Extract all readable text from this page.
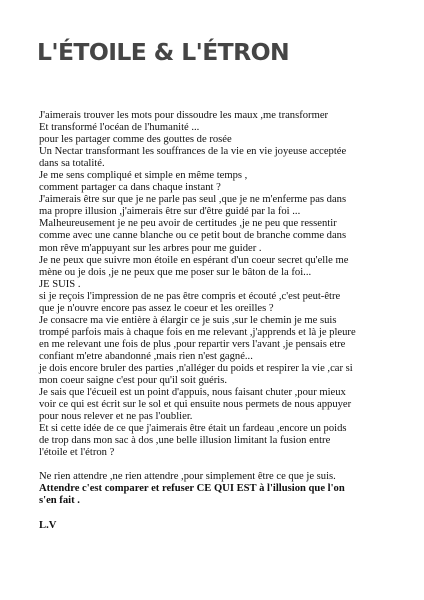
L'ÉTOILE & L'ÉTRON
J'aimerais trouver les mots pour dissoudre les maux ,me transformer
Et transformé l'océan de l'humanité ...
pour les partager comme des gouttes de rosée
Un Nectar transformant les souffrances de la vie en vie joyeuse acceptée
dans sa totalité.
Je me sens compliqué et simple en même temps ,
comment partager ca dans chaque instant ?
J'aimerais être sur que je ne parle pas seul ,que je ne m'enferme pas dans
ma propre illusion ,j'aimerais être sur d'être guidé par la foi ...
Malheureusement je ne peu avoir de certitudes ,je ne peu que ressentir
comme avec une canne blanche ou ce petit bout de branche comme dans
mon rêve m'appuyant sur les arbres pour me guider .
Je ne peux que suivre mon étoile en espérant d'un coeur secret qu'elle me
mène ou je dois ,je ne peux que me poser sur le bâton de la foi...
JE SUIS .
si je reçois l'impression de ne pas être compris et écouté ,c'est peut-être
que je n'ouvre encore pas assez le coeur et les oreilles ?
Je consacre ma vie entière à élargir ce je suis ,sur le chemin je me suis
trompé parfois mais à chaque fois en me relevant ,j'apprends et là je pleure
en me relevant une fois de plus ,pour repartir vers l'avant ,je pensais etre
confiant m'etre abandonné ,mais rien n'est gagné...
je dois encore bruler des parties ,n'alléger du poids et respirer la vie ,car si
mon coeur saigne c'est pour qu'il soit guéris.
Je sais que l'écueil est un point d'appuis, nous faisant chuter ,pour mieux
voir ce qui est écrit sur le sol et qui ensuite nous permets de nous appuyer
pour nous relever et ne pas l'oublier.
Et si cette idée de ce que j'aimerais être était un fardeau ,encore un poids
de trop dans mon sac à dos ,une belle illusion limitant la fusion entre
l'étoile et l'étron ?
Ne rien attendre ,ne rien attendre ,pour simplement être ce que je suis.
Attendre c'est comparer et refuser CE QUI EST à l'illusion que l'on
s'en fait .
L.V
